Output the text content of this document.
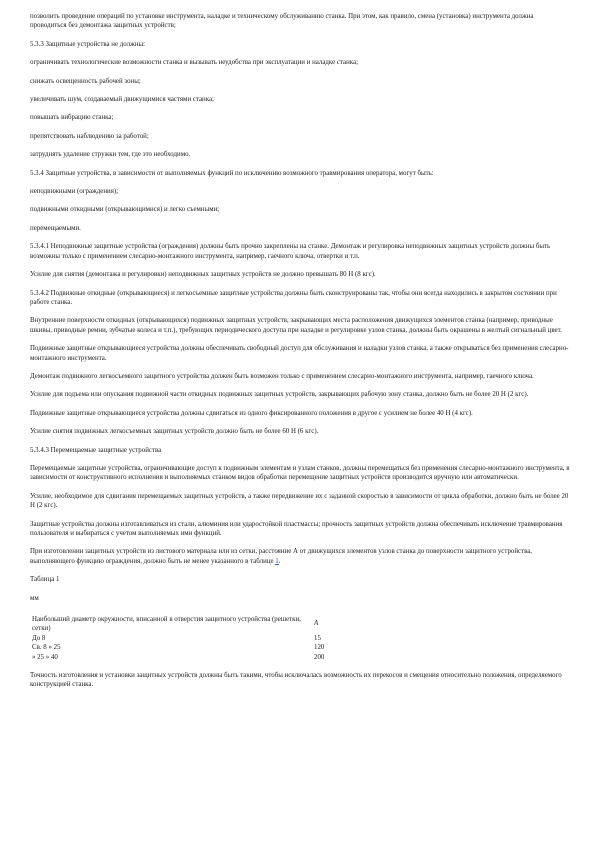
позволить проведение операций по установке инструмента, наладке и техническому обслуживанию станка. При этом, как правило, смена (установка) инструмента должна проводиться без демонтажа защитных устройств;

5.3.3 Защитные устройства не должны:

ограничивать технологические возможности станка и вызывать неудобства при эксплуатации и наладке станка;

снижать освещенность рабочей зоны;

увеличивать шум, создаваемый движущимися частями станка;

повышать вибрацию станка;

препятствовать наблюдению за работой;

затруднять удаление стружки тем, где это необходимо.

5.3.4 Защитные устройства, в зависимости от выполняемых функций по исключению возможного травмирования оператора, могут быть:

неподвижными (ограждения);

подвижными откидными (открывающимися) и легко съемными;

перемещаемыми.

5.3.4.1 Неподвижные защитные устройства (ограждения) должны быть прочно закреплены на станке. Демонтаж и регулировка неподвижных защитных устройств должны быть возможны только с применением слесарно-монтажного инструмента, например, гаечного ключа, отвертки и т.п.

Усилие для снятия (демонтажа и регулировки) неподвижных защитных устройств не должно превышать 80 Н (8 кгс).

5.3.4.2 Подвижные откидные (открывающиеся) и легкосъемные защитные устройства должны быть сконструированы так, чтобы они всегда находились в закрытом состоянии при работе станка.

Внутренние поверхности откидных (открывающихся) подвижных защитных устройств, закрывающих места расположения движущихся элементов станка (например, приводные шкивы, приводные ремни, зубчатые колеса и т.п.), требующих периодического доступа при наладке и регулировке узлов станка, должны быть окрашены в желтый сигнальный цвет.

Подвижные защитные открывающиеся устройства должны обеспечивать свободный доступ для обслуживания и наладки узлов станка, а также открываться без применения слесарно-монтажного инструмента.

Демонтаж подвижного легкосъемного защитного устройства должен быть возможен только с применением слесарно-монтажного инструмента, например, гаечного ключа.

Усилие для подъема или опускания подвижной части откидных подвижных защитных устройств, закрывающих рабочую зону станка, должно быть не более 20 Н (2 кгс).

Подвижные защитные открывающиеся устройства должны сдвигаться из одного фиксированного положения в другое с усилием не более 40 Н (4 кгс).

Усилие снятия подвижных легкосъемных защитных устройств должно быть не более 60 Н (6 кгс).

5.3.4.3 Перемещаемые защитные устройства

Перемещаемые защитные устройства, ограничивающие доступ к подвижным элементам и узлам станков, должны перемещаться без применения слесарно-монтажного инструмента, в зависимости от конструктивного исполнения и выполняемых станком видов обработки перемещение защитных устройств производится вручную или автоматически.

Усилие, необходимое для сдвигания перемещаемых защитных устройств, а также передвижение их с заданной скоростью в зависимости от цикла обработки, должно быть не более 20 Н (2 кгс).

Защитные устройства должны изготавливаться из стали, алюминия или ударостойкой пластмассы; прочность защитных устройств должна обеспечивать исключение травмирования пользователя и выбираться с учетом выполняемых ими функций.

При изготовлении защитных устройств из листового материала или из сетки, расстояние А от движущихся элементов узлов станка до поверхности защитного устройства, выполняющего функцию ограждения, должно быть не менее указанного в таблице 1.

Таблица 1

мм

Наибольший диаметр окружности, вписанной в отверстия защитного устройства (решетки, сетки)	А
До 8	15
Св. 8 » 25	120
» 25 » 40	200

Точность изготовления и установки защитных устройств должны быть такими, чтобы исключалась возможность их перекосов и смещения относительно положения, определяемого конструкцией станка.
